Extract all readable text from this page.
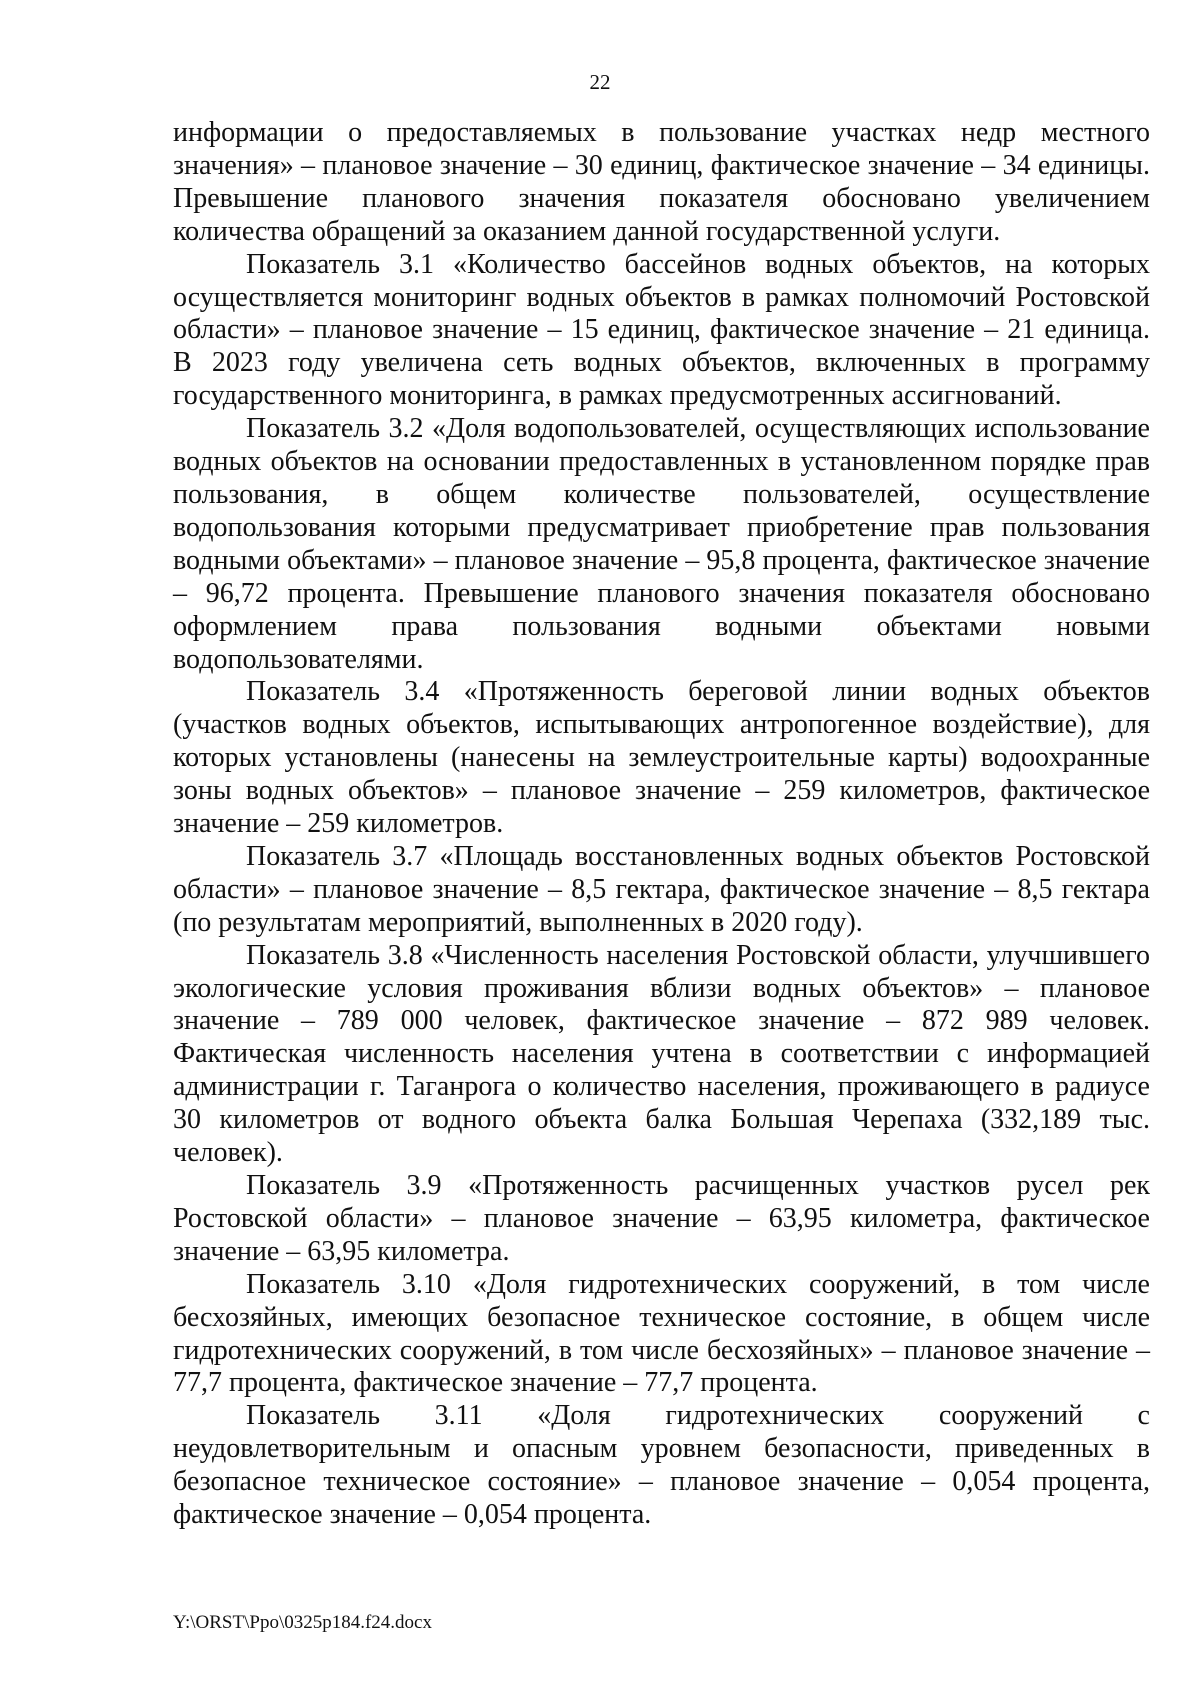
22

информации о предоставляемых в пользование участках недр местного значения» – плановое значение – 30 единиц, фактическое значение – 34 единицы. Превышение планового значения показателя обосновано увеличением количества обращений за оказанием данной государственной услуги.

Показатель 3.1 «Количество бассейнов водных объектов, на которых осуществляется мониторинг водных объектов в рамках полномочий Ростовской области» – плановое значение – 15 единиц, фактическое значение – 21 единица. В 2023 году увеличена сеть водных объектов, включенных в программу государственного мониторинга, в рамках предусмотренных ассигнований.

Показатель 3.2 «Доля водопользователей, осуществляющих использование водных объектов на основании предоставленных в установленном порядке прав пользования, в общем количестве пользователей, осуществление водопользования которыми предусматривает приобретение прав пользования водными объектами» – плановое значение – 95,8 процента, фактическое значение – 96,72 процента. Превышение планового значения показателя обосновано оформлением права пользования водными объектами новыми водопользователями.

Показатель 3.4 «Протяженность береговой линии водных объектов (участков водных объектов, испытывающих антропогенное воздействие), для которых установлены (нанесены на землеустроительные карты) водоохранные зоны водных объектов» – плановое значение – 259 километров, фактическое значение – 259 километров.

Показатель 3.7 «Площадь восстановленных водных объектов Ростовской области» – плановое значение – 8,5 гектара, фактическое значение – 8,5 гектара (по результатам мероприятий, выполненных в 2020 году).

Показатель 3.8 «Численность населения Ростовской области, улучшившего экологические условия проживания вблизи водных объектов» – плановое значение – 789 000 человек, фактическое значение – 872 989 человек. Фактическая численность населения учтена в соответствии с информацией администрации г. Таганрога о количество населения, проживающего в радиусе 30 километров от водного объекта балка Большая Черепаха (332,189 тыс. человек).

Показатель 3.9 «Протяженность расчищенных участков русел рек Ростовской области» – плановое значение – 63,95 километра, фактическое значение – 63,95 километра.

Показатель 3.10 «Доля гидротехнических сооружений, в том числе бесхозяйных, имеющих безопасное техническое состояние, в общем числе гидротехнических сооружений, в том числе бесхозяйных» – плановое значение – 77,7 процента, фактическое значение – 77,7 процента.

Показатель 3.11 «Доля гидротехнических сооружений с неудовлетворительным и опасным уровнем безопасности, приведенных в безопасное техническое состояние» – плановое значение – 0,054 процента, фактическое значение – 0,054 процента.

Y:\ORST\Ppo\0325p184.f24.docx
